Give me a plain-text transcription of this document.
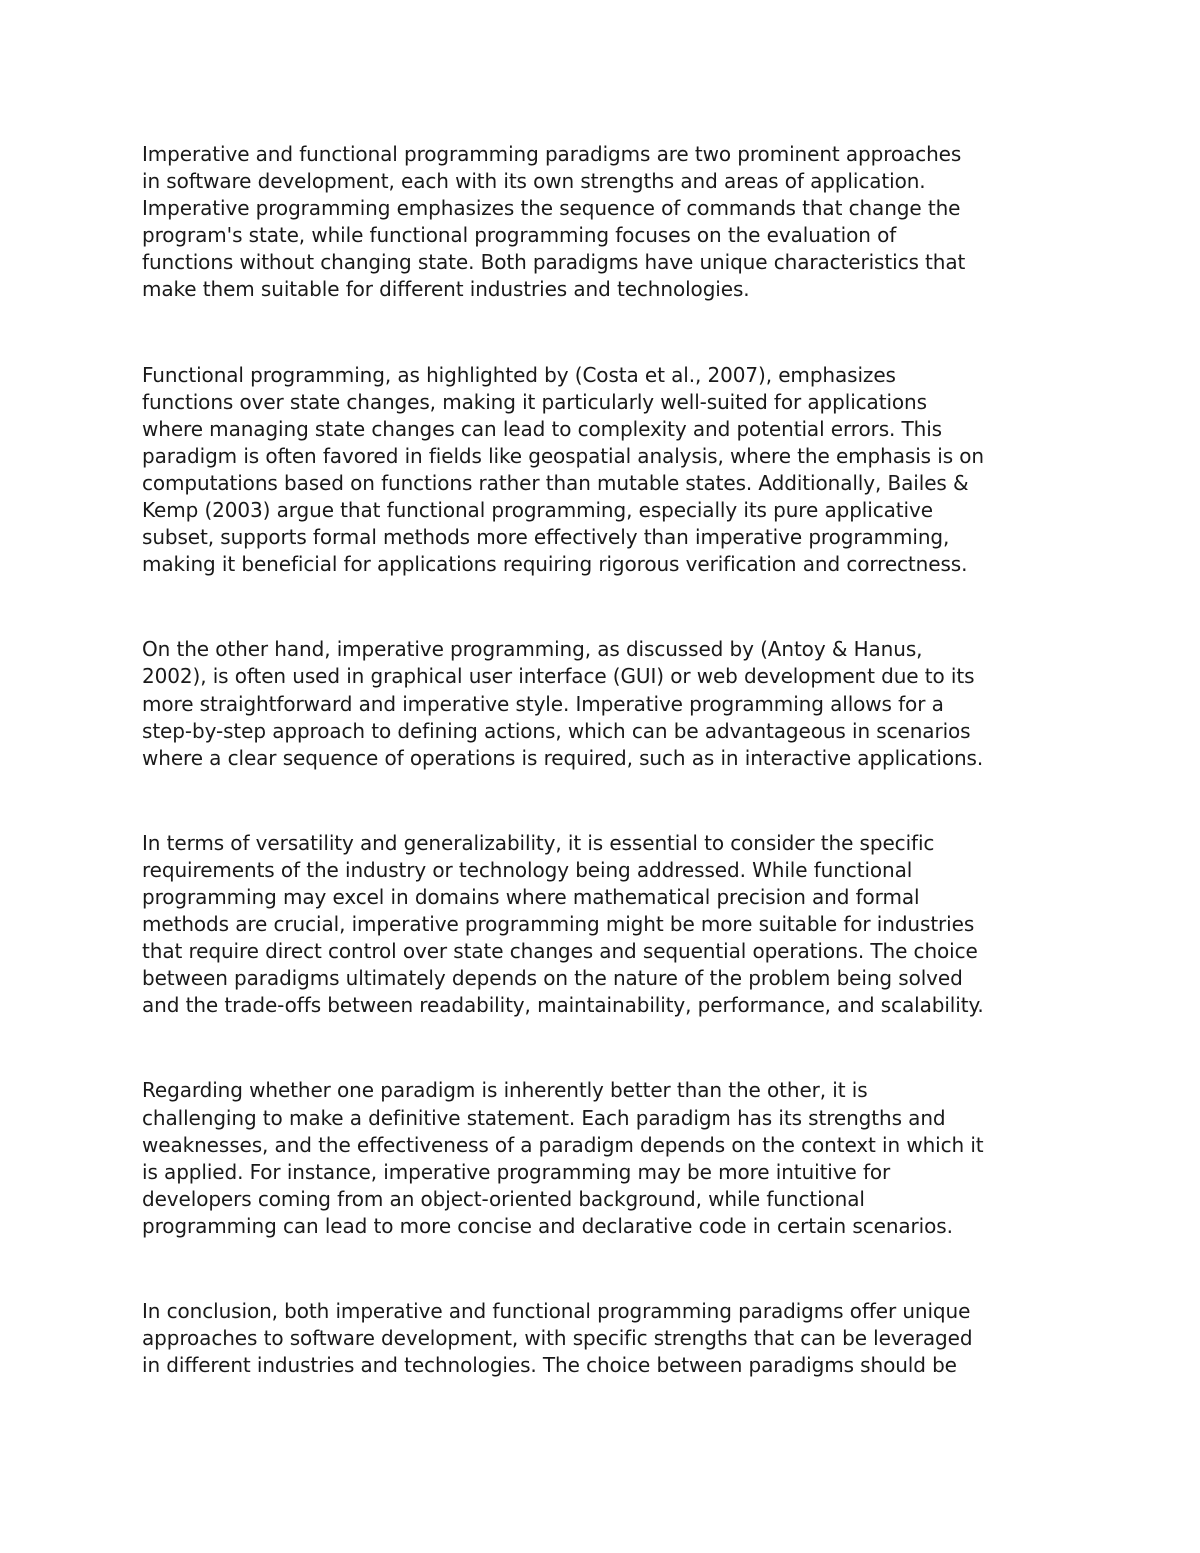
Imperative and functional programming paradigms are two prominent approaches
in software development, each with its own strengths and areas of application.
Imperative programming emphasizes the sequence of commands that change the
program's state, while functional programming focuses on the evaluation of
functions without changing state. Both paradigms have unique characteristics that
make them suitable for different industries and technologies.

Functional programming, as highlighted by (Costa et al., 2007), emphasizes
functions over state changes, making it particularly well-suited for applications
where managing state changes can lead to complexity and potential errors. This
paradigm is often favored in fields like geospatial analysis, where the emphasis is on
computations based on functions rather than mutable states. Additionally, Bailes &
Kemp (2003) argue that functional programming, especially its pure applicative
subset, supports formal methods more effectively than imperative programming,
making it beneficial for applications requiring rigorous verification and correctness.

On the other hand, imperative programming, as discussed by (Antoy & Hanus,
2002), is often used in graphical user interface (GUI) or web development due to its
more straightforward and imperative style. Imperative programming allows for a
step-by-step approach to defining actions, which can be advantageous in scenarios
where a clear sequence of operations is required, such as in interactive applications.

In terms of versatility and generalizability, it is essential to consider the specific
requirements of the industry or technology being addressed. While functional
programming may excel in domains where mathematical precision and formal
methods are crucial, imperative programming might be more suitable for industries
that require direct control over state changes and sequential operations. The choice
between paradigms ultimately depends on the nature of the problem being solved
and the trade-offs between readability, maintainability, performance, and scalability.

Regarding whether one paradigm is inherently better than the other, it is
challenging to make a definitive statement. Each paradigm has its strengths and
weaknesses, and the effectiveness of a paradigm depends on the context in which it
is applied. For instance, imperative programming may be more intuitive for
developers coming from an object-oriented background, while functional
programming can lead to more concise and declarative code in certain scenarios.

In conclusion, both imperative and functional programming paradigms offer unique
approaches to software development, with specific strengths that can be leveraged
in different industries and technologies. The choice between paradigms should be
